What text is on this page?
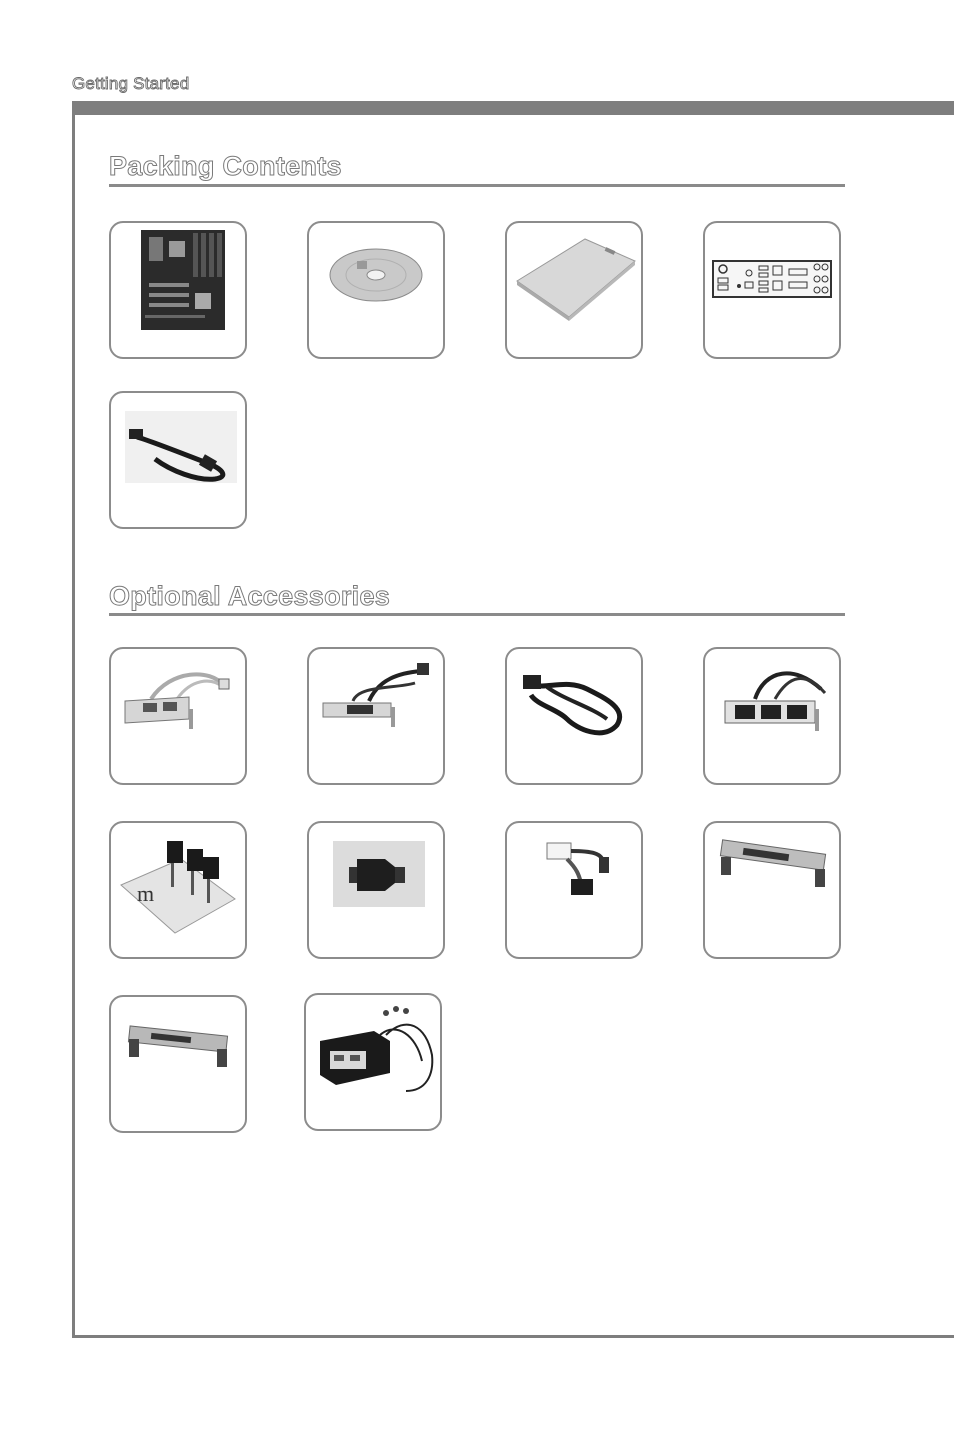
Getting Started
Packing Contents
Optional Accessories
m
